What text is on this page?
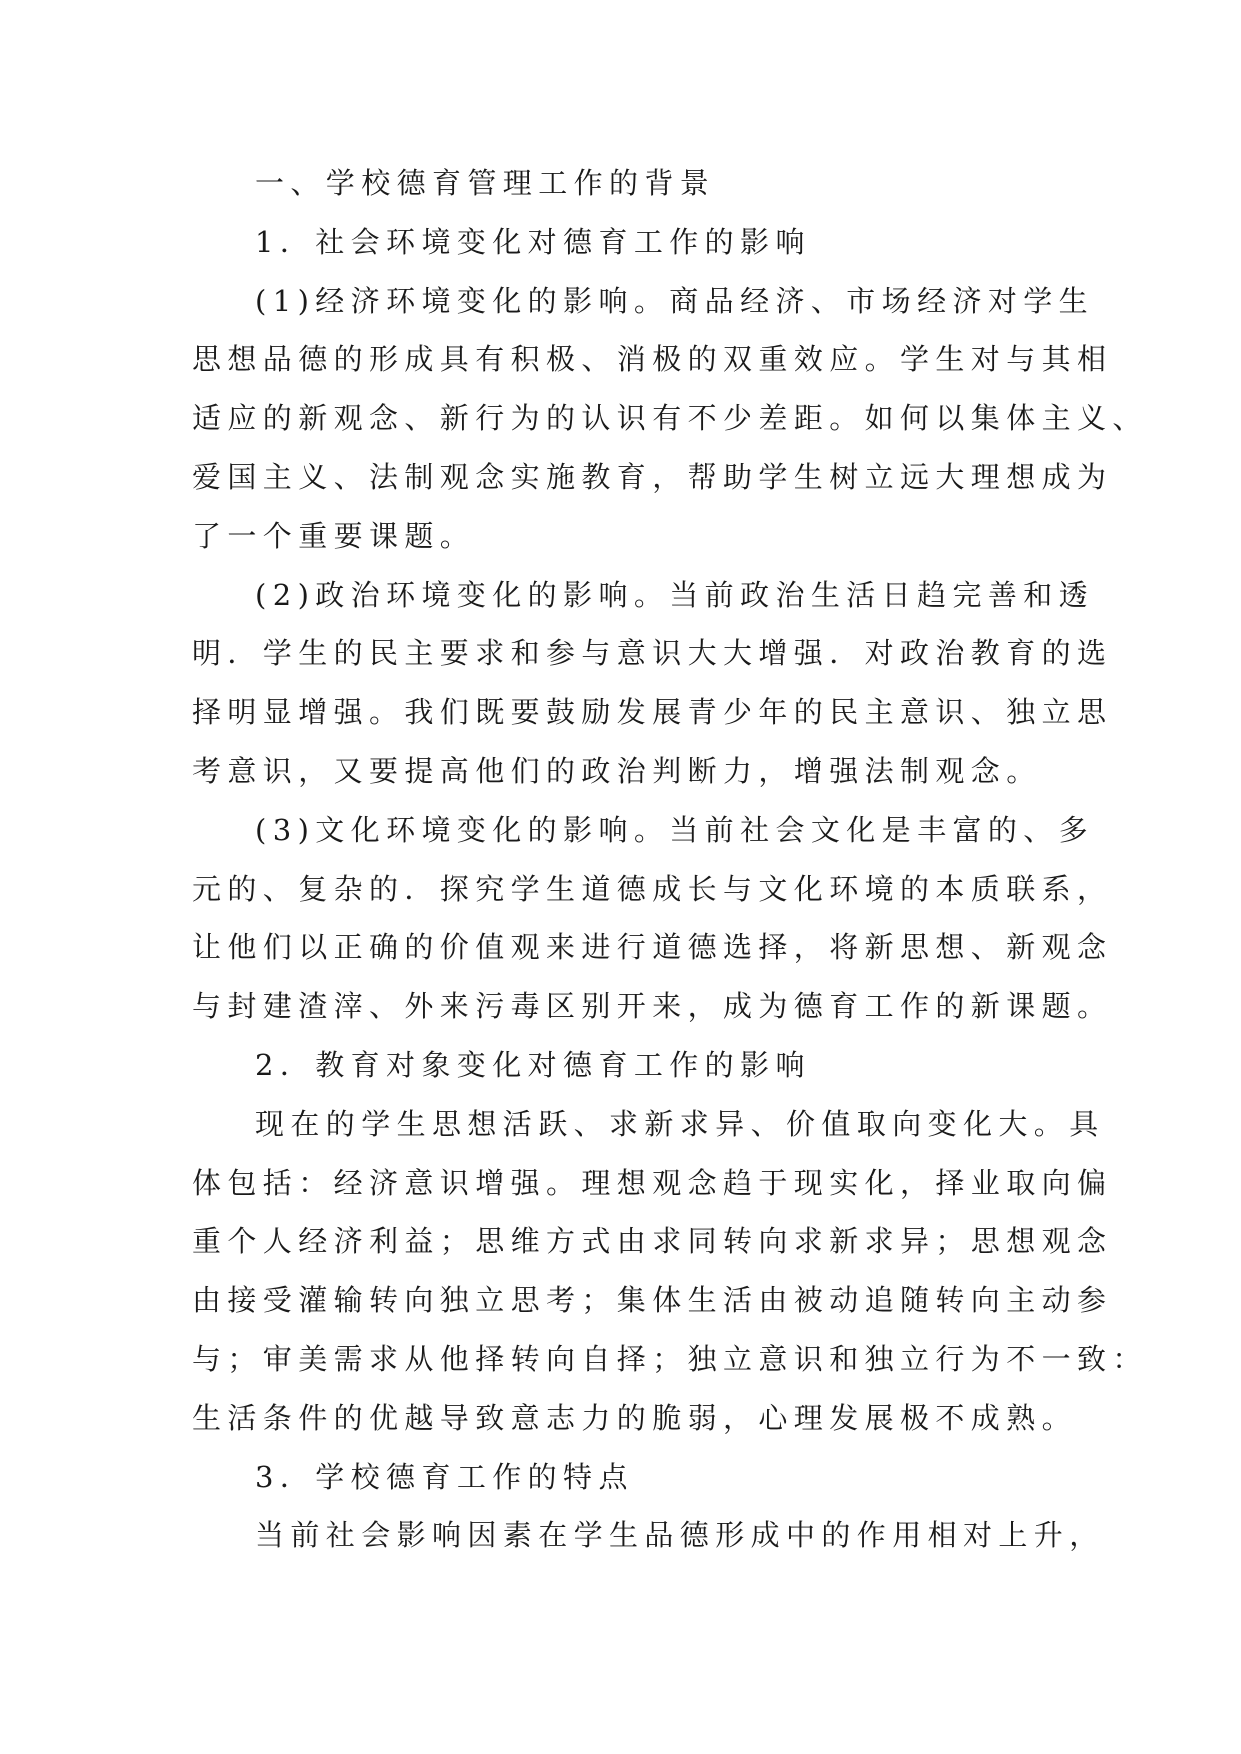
一、学校德育管理工作的背景
1．社会环境变化对德育工作的影响
(1)经济环境变化的影响。商品经济、市场经济对学生
思想品德的形成具有积极、消极的双重效应。学生对与其相
适应的新观念、新行为的认识有不少差距。如何以集体主义、
爱国主义、法制观念实施教育，帮助学生树立远大理想成为
了一个重要课题。
(2)政治环境变化的影响。当前政治生活日趋完善和透
明．学生的民主要求和参与意识大大增强．对政治教育的选
择明显增强。我们既要鼓励发展青少年的民主意识、独立思
考意识，又要提高他们的政治判断力，增强法制观念。
(3)文化环境变化的影响。当前社会文化是丰富的、多
元的、复杂的．探究学生道德成长与文化环境的本质联系，
让他们以正确的价值观来进行道德选择，将新思想、新观念
与封建渣滓、外来污毒区别开来，成为德育工作的新课题。
2．教育对象变化对德育工作的影响
现在的学生思想活跃、求新求异、价值取向变化大。具
体包括：经济意识增强。理想观念趋于现实化，择业取向偏
重个人经济利益；思维方式由求同转向求新求异；思想观念
由接受灌输转向独立思考；集体生活由被动追随转向主动参
与；审美需求从他择转向自择；独立意识和独立行为不一致：
生活条件的优越导致意志力的脆弱，心理发展极不成熟。
3．学校德育工作的特点
当前社会影响因素在学生品德形成中的作用相对上升，
